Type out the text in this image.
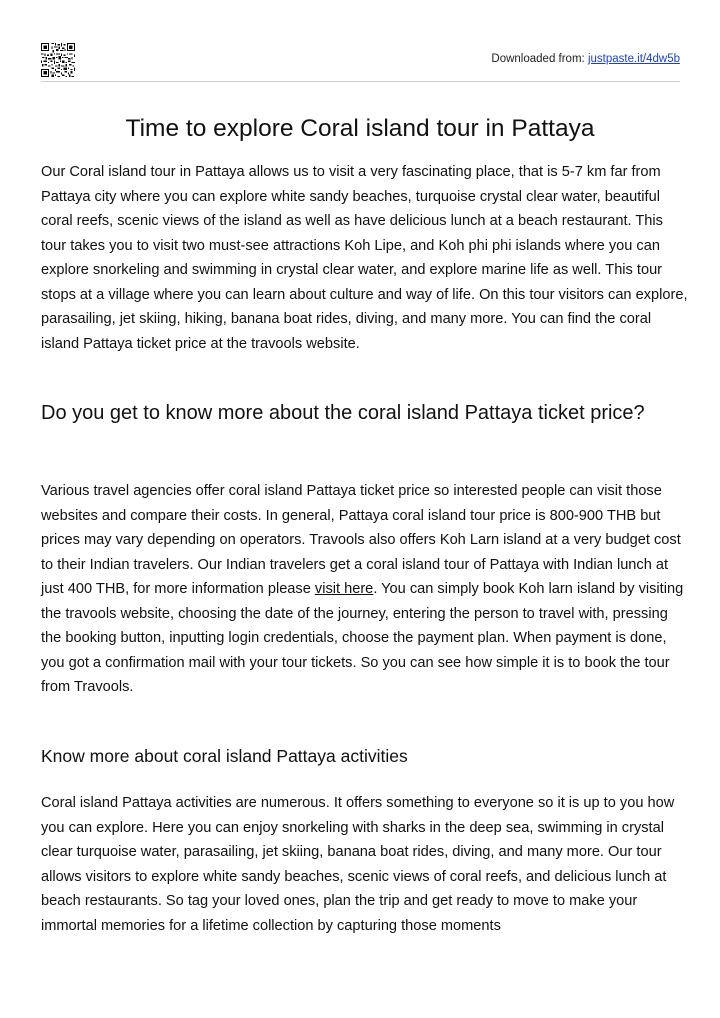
Downloaded from: justpaste.it/4dw5b
Time to explore Coral island tour in Pattaya

Our Coral island tour in Pattaya allows us to visit a very fascinating place, that is 5-7 km far from Pattaya city where you can explore white sandy beaches, turquoise crystal clear water, beautiful coral reefs, scenic views of the island as well as have delicious lunch at a beach restaurant. This tour takes you to visit two must-see attractions Koh Lipe, and Koh phi phi islands where you can explore snorkeling and swimming in crystal clear water, and explore marine life as well. This tour stops at a village where you can learn about culture and way of life. On this tour visitors can explore, parasailing, jet skiing, hiking, banana boat rides, diving, and many more. You can find the coral island Pattaya ticket price at the travools website.

Do you get to know more about the coral island Pattaya ticket price?

Various travel agencies offer coral island Pattaya ticket price so interested people can visit those websites and compare their costs. In general, Pattaya coral island tour price is 800-900 THB but prices may vary depending on operators. Travools also offers Koh Larn island at a very budget cost to their Indian travelers. Our Indian travelers get a coral island tour of Pattaya with Indian lunch at just 400 THB, for more information please visit here. You can simply book Koh larn island by visiting the travools website, choosing the date of the journey, entering the person to travel with, pressing the booking button, inputting login credentials, choose the payment plan. When payment is done, you got a confirmation mail with your tour tickets. So you can see how simple it is to book the tour from Travools.

Know more about coral island Pattaya activities

Coral island Pattaya activities are numerous. It offers something to everyone so it is up to you how you can explore. Here you can enjoy snorkeling with sharks in the deep sea, swimming in crystal clear turquoise water, parasailing, jet skiing, banana boat rides, diving, and many more. Our tour allows visitors to explore white sandy beaches, scenic views of coral reefs, and delicious lunch at beach restaurants. So tag your loved ones, plan the trip and get ready to move to make your immortal memories for a lifetime collection by capturing those moments
